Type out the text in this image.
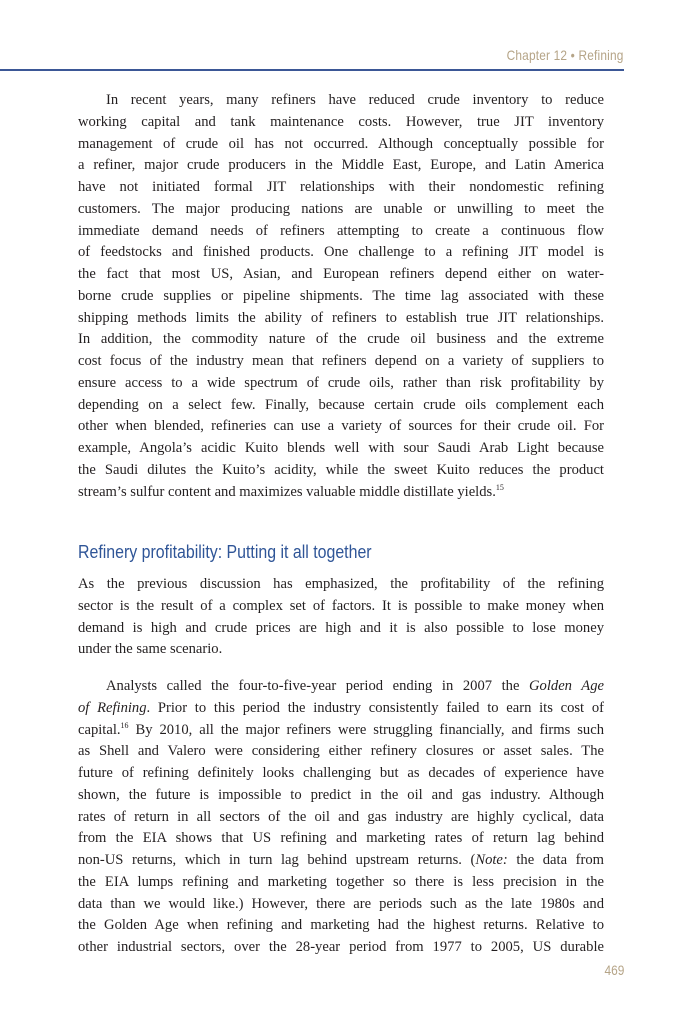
Chapter 12 • Refining
In recent years, many refiners have reduced crude inventory to reduce
working capital and tank maintenance costs. However, true JIT inventory
management of crude oil has not occurred. Although conceptually possible for
a refiner, major crude producers in the Middle East, Europe, and Latin America
have not initiated formal JIT relationships with their nondomestic refining
customers. The major producing nations are unable or unwilling to meet the
immediate demand needs of refiners attempting to create a continuous flow
of feedstocks and finished products. One challenge to a refining JIT model is
the fact that most US, Asian, and European refiners depend either on water-
borne crude supplies or pipeline shipments. The time lag associated with these
shipping methods limits the ability of refiners to establish true JIT relationships.
In addition, the commodity nature of the crude oil business and the extreme
cost focus of the industry mean that refiners depend on a variety of suppliers to
ensure access to a wide spectrum of crude oils, rather than risk profitability by
depending on a select few. Finally, because certain crude oils complement each
other when blended, refineries can use a variety of sources for their crude oil. For
example, Angola’s acidic Kuito blends well with sour Saudi Arab Light because
the Saudi dilutes the Kuito’s acidity, while the sweet Kuito reduces the product
stream’s sulfur content and maximizes valuable middle distillate yields.$^{15}$
Refinery profitability: Putting it all together
As the previous discussion has emphasized, the profitability of the refining
sector is the result of a complex set of factors. It is possible to make money when
demand is high and crude prices are high and it is also possible to lose money
under the same scenario.
Analysts called the four-to-five-year period ending in 2007 the Golden Age
of Refining. Prior to this period the industry consistently failed to earn its cost of
capital.$^{16}$ By 2010, all the major refiners were struggling financially, and firms such
as Shell and Valero were considering either refinery closures or asset sales. The
future of refining definitely looks challenging but as decades of experience have
shown, the future is impossible to predict in the oil and gas industry. Although
rates of return in all sectors of the oil and gas industry are highly cyclical, data
from the EIA shows that US refining and marketing rates of return lag behind
non-US returns, which in turn lag behind upstream returns. (Note: the data from
the EIA lumps refining and marketing together so there is less precision in the
data than we would like.) However, there are periods such as the late 1980s and
the Golden Age when refining and marketing had the highest returns. Relative to
other industrial sectors, over the 28-year period from 1977 to 2005, US durable
469
